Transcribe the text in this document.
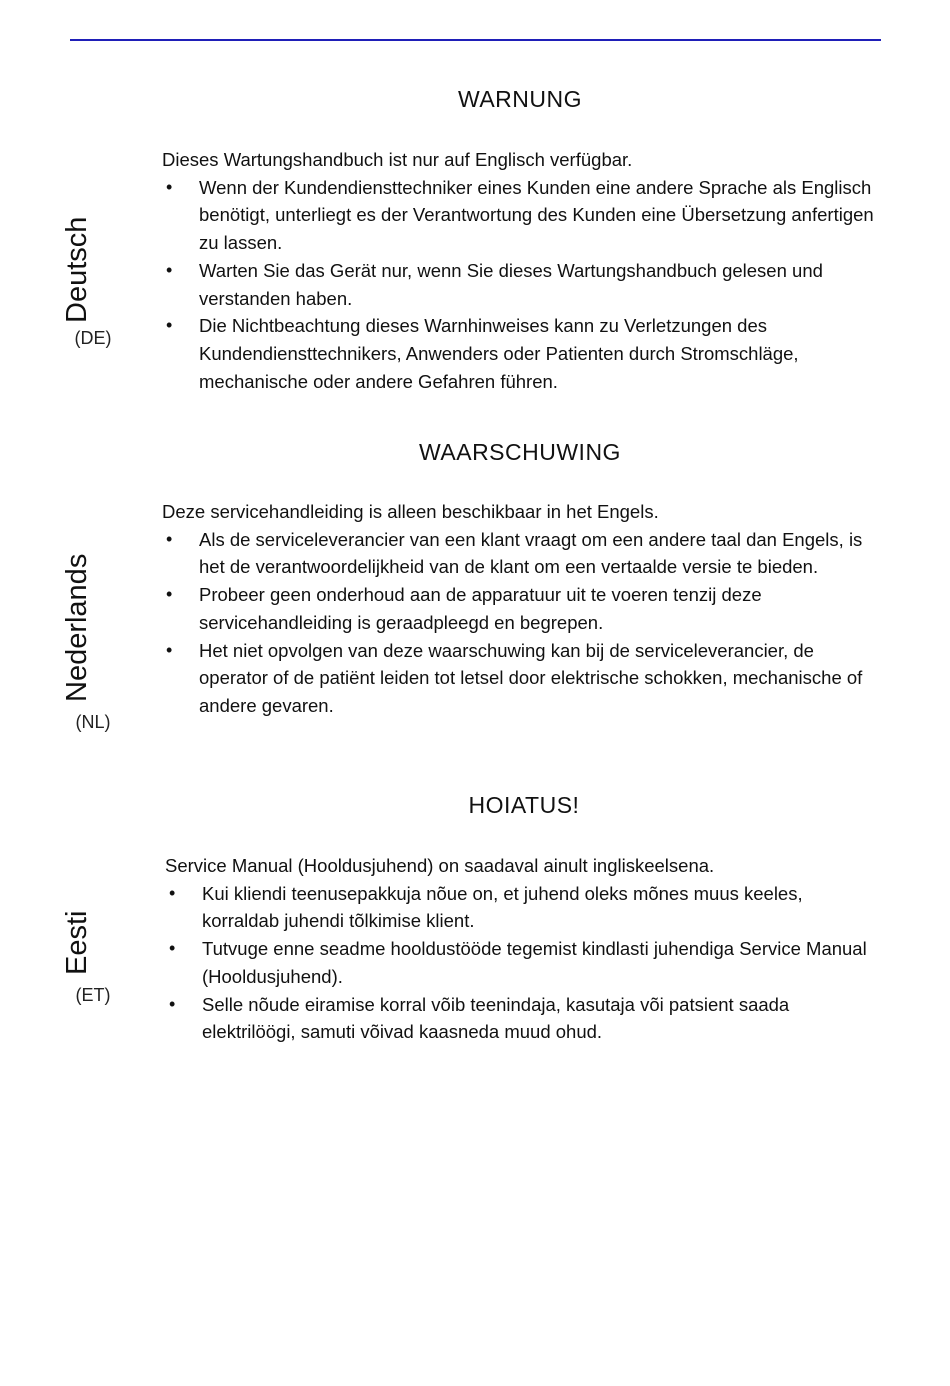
Deutsch
(DE)
WARNUNG

Dieses Wartungshandbuch ist nur auf Englisch verfügbar.

• Wenn der Kundendiensttechniker eines Kunden eine andere Sprache als Englisch benötigt, unterliegt es der Verantwortung des Kunden eine Übersetzung anfertigen zu lassen.
• Warten Sie das Gerät nur, wenn Sie dieses Wartungshandbuch gelesen und verstanden haben.
• Die Nichtbeachtung dieses Warnhinweises kann zu Verletzungen des Kundendiensttechnikers, Anwenders oder Patienten durch Stromschläge, mechanische oder andere Gefahren führen.
Nederlands
(NL)
WAARSCHUWING

Deze servicehandleiding is alleen beschikbaar in het Engels.

• Als de serviceleverancier van een klant vraagt om een andere taal dan Engels, is het de verantwoordelijkheid van de klant om een vertaalde versie te bieden.
• Probeer geen onderhoud aan de apparatuur uit te voeren tenzij deze servicehandleiding is geraadpleegd en begrepen.
• Het niet opvolgen van deze waarschuwing kan bij de serviceleverancier, de operator of de patiënt leiden tot letsel door elektrische schokken, mechanische of andere gevaren.
Eesti
(ET)
HOIATUS!

Service Manual (Hooldusjuhend) on saadaval ainult ingliskeelsena.

• Kui kliendi teenusepakkuja nõue on, et juhend oleks mõnes muus keeles, korraldab juhendi tõlkimise klient.
• Tutvuge enne seadme hooldustööde tegemist kindlasti juhendiga Service Manual (Hooldusjuhend).
• Selle nõude eiramise korral võib teenindaja, kasutaja või patsient saada elektrilöögi, samuti võivad kaasneda muud ohud.
